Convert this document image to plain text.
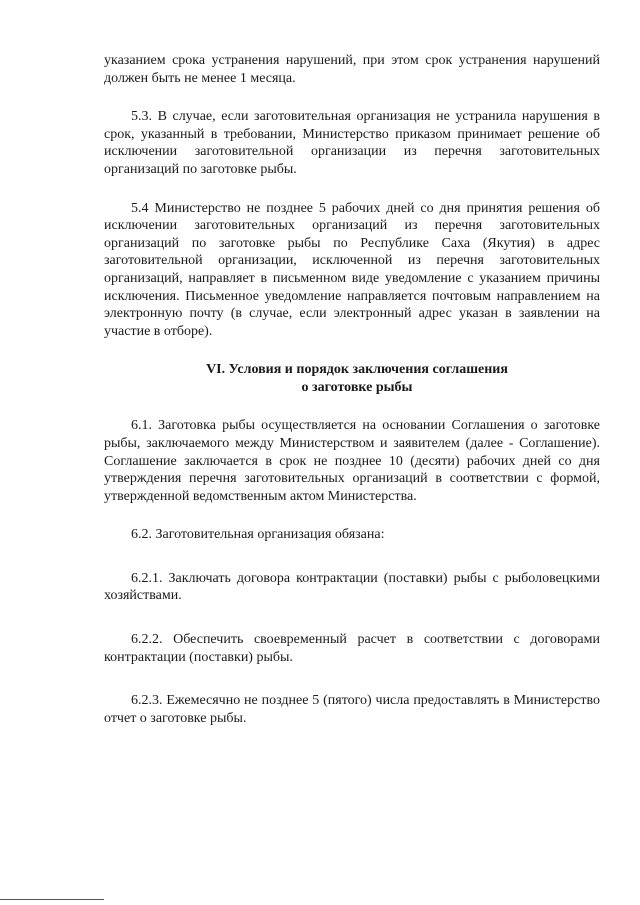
указанием срока устранения нарушений, при этом срок устранения нарушений должен быть не менее 1 месяца.

5.3. В случае, если заготовительная организация не устранила нарушения в срок, указанный в требовании, Министерство приказом принимает решение об исключении заготовительной организации из перечня заготовительных организаций по заготовке рыбы.

5.4 Министерство не позднее 5 рабочих дней со дня принятия решения об исключении заготовительных организаций из перечня заготовительных организаций по заготовке рыбы по Республике Саха (Якутия) в адрес заготовительной организации, исключенной из перечня заготовительных организаций, направляет в письменном виде уведомление с указанием причины исключения. Письменное уведомление направляется почтовым направлением на электронную почту (в случае, если электронный адрес указан в заявлении на участие в отборе).

VI. Условия и порядок заключения соглашения
о заготовке рыбы

6.1. Заготовка рыбы осуществляется на основании Соглашения о заготовке рыбы, заключаемого между Министерством и заявителем (далее - Соглашение). Соглашение заключается в срок не позднее 10 (десяти) рабочих дней со дня утверждения перечня заготовительных организаций в соответствии с формой, утвержденной ведомственным актом Министерства.

6.2. Заготовительная организация обязана:

6.2.1. Заключать договора контрактации (поставки) рыбы с рыболовецкими хозяйствами.

6.2.2. Обеспечить своевременный расчет в соответствии с договорами контрактации (поставки) рыбы.

6.2.3. Ежемесячно не позднее 5 (пятого) числа предоставлять в Министерство отчет о заготовке рыбы.
